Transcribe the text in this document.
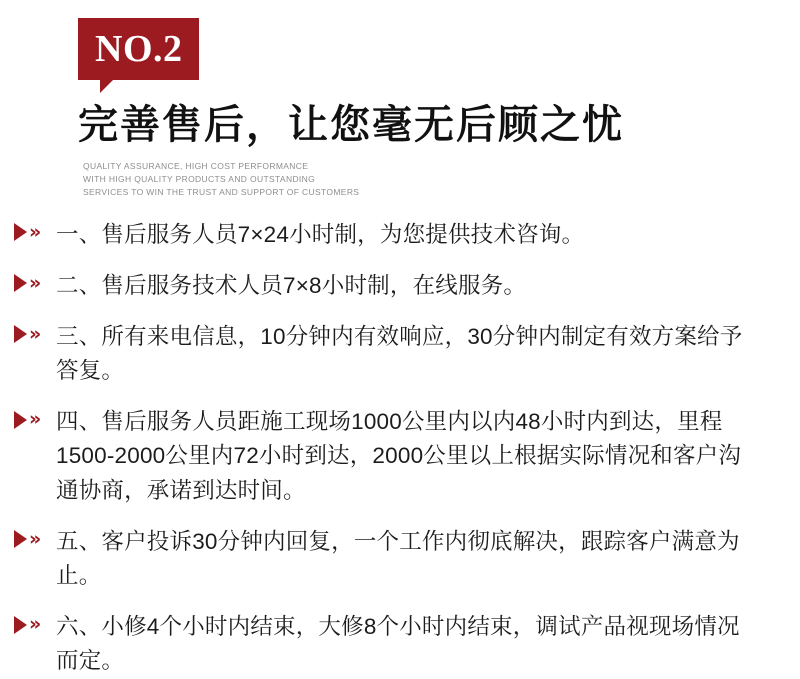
NO.2
完善售后，让您毫无后顾之忧
QUALITY ASSURANCE, HIGH COST PERFORMANCE
WITH HIGH QUALITY PRODUCTS AND OUTSTANDING
SERVICES TO WIN THE TRUST AND SUPPORT OF CUSTOMERS
» 一、售后服务人员7×24小时制，为您提供技术咨询。
» 二、售后服务技术人员7×8小时制，在线服务。
» 三、所有来电信息，10分钟内有效响应，30分钟内制定有效方案给予答复。
» 四、售后服务人员距施工现场1000公里内以内48小时内到达，里程1500-2000公里内72小时到达，2000公里以上根据实际情况和客户沟通协商，承诺到达时间。
» 五、客户投诉30分钟内回复，一个工作内彻底解决，跟踪客户满意为止。
» 六、小修4个小时内结束，大修8个小时内结束，调试产品视现场情况而定。
